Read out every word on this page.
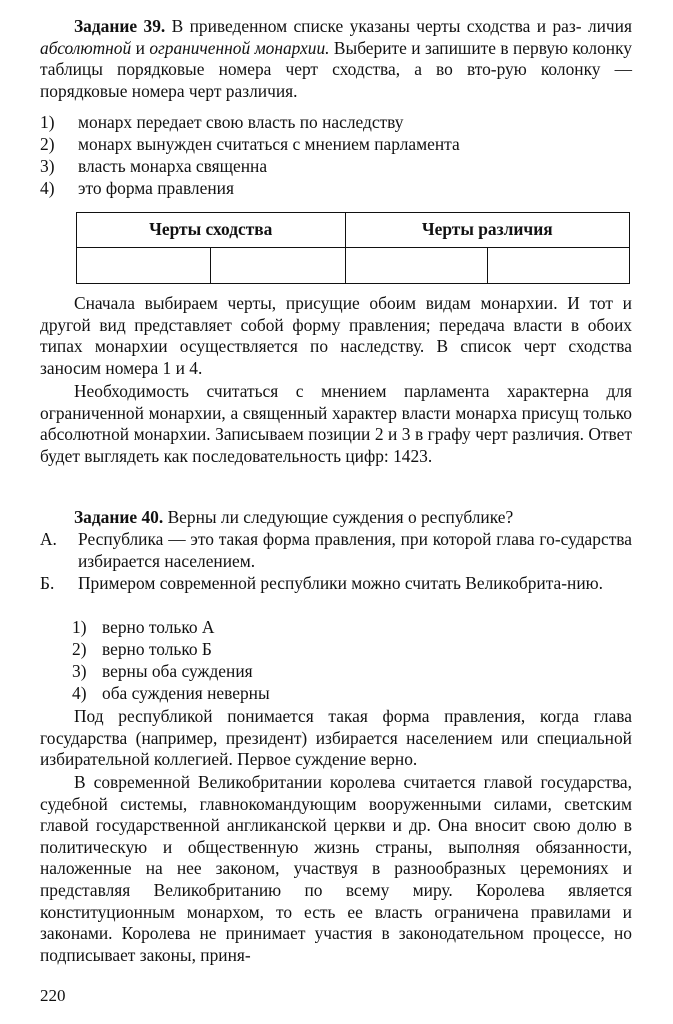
Задание 39. В приведенном списке указаны черты сходства и раз- личия абсолютной и ограниченной монархии. Выберите и запишите в первую колонку таблицы порядковые номера черт сходства, а во вто-рую колонку — порядковые номера черт различия.
1) монарх передает свою власть по наследству
2) монарх вынужден считаться с мнением парламента
3) власть монарха священна
4) это форма правления
Черты сходства		Черты различия	

Сначала выбираем черты, присущие обоим видам монархии. И тот и другой вид представляет собой форму правления; передача власти в обоих типах монархии осуществляется по наследству. В список черт сходства заносим номера 1 и 4.
Необходимость считаться с мнением парламента характерна для ограниченной монархии, а священный характер власти монарха присущ только абсолютной монархии. Записываем позиции 2 и 3 в графу черт различия. Ответ будет выглядеть как последовательность цифр: 1423.
Задание 40. Верны ли следующие суждения о республике?
А. Республика — это такая форма правления, при которой глава го-сударства избирается населением.
Б. Примером современной республики можно считать Великобрита-нию.
1) верно только А
2) верно только Б
3) верны оба суждения
4) оба суждения неверны
Под республикой понимается такая форма правления, когда глава государства (например, президент) избирается населением или специальной избирательной коллегией. Первое суждение верно.
В современной Великобритании королева считается главой государства, судебной системы, главнокомандующим вооруженными силами, светским главой государственной англиканской церкви и др. Она вносит свою долю в политическую и общественную жизнь страны, выполняя обязанности, наложенные на нее законом, участвуя в разнообразных церемониях и представляя Великобританию по всему миру. Королева является конституционным монархом, то есть ее власть ограничена правилами и законами. Королева не принимает участия в законодательном процессе, но подписывает законы, приня-
220
